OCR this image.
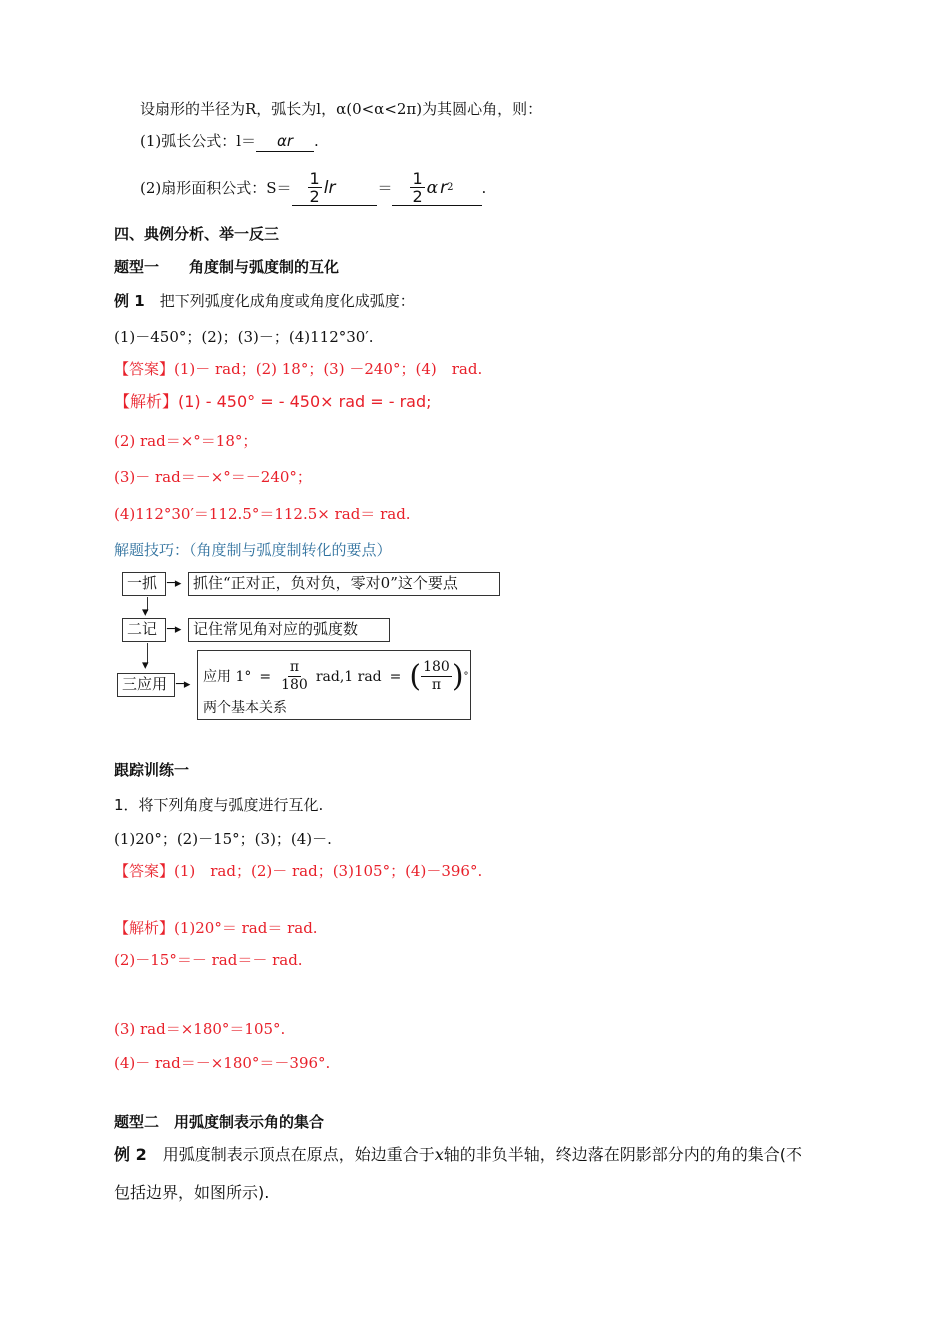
设扇形的半径为R，弧长为l，α(0<α<2π)为其圆心角，则：
(1)弧长公式：l＝ αr .
(2)扇形面积公式：$S= \frac{1}{2}$ lr	＝ $\frac{1}{2}$ α r 2 .
四、典例分析、举一反三
题型一　　角度制与弧度制的互化
例 1　 把下列弧度化成角度或角度化成弧度：
(1)－450°；(2)；(3)－；(4)112°30′.
【答案】(1)－ rad；(2) 18°；(3) －240°；(4)　rad.
【解析】(1) - 450° = - 450× rad = - rad;
(2) rad＝×°＝18°；
(3)－ rad＝－×°＝－240°；
(4)112°30′＝112.5°＝112.5× rad＝ rad.
解题技巧：（角度制与弧度制转化的要点）
一抓 ─▸ 抓住“正对正，负对负，零对0”这个要点
▾
二记 ─▸ 记住常见角对应的弧度数
▾
三应用 ─▸ 应用 $1^\circ = \frac{\pi}{180} rad,1$ rad = ( $\frac{180}{\pi}$ ) °
两个基本关系
跟踪训练一
1．将下列角度与弧度进行互化.
(1)20°；(2)－15°；(3)；(4)－.
【答案】(1)　rad；(2)－ rad；(3)105°；(4)－396°.
【解析】(1)20°＝ rad＝ rad.
(2)－15°＝－ rad＝－ rad.
(3) rad＝×180°＝105°.
(4)－ rad＝－×180°＝－396°.
题型二　用弧度制表示角的集合
例 2　 用弧度制表示顶点在原点，始边重合于x轴的非负半轴，终边落在阴影部分内的角的集合(不
包括边界，如图所示).
